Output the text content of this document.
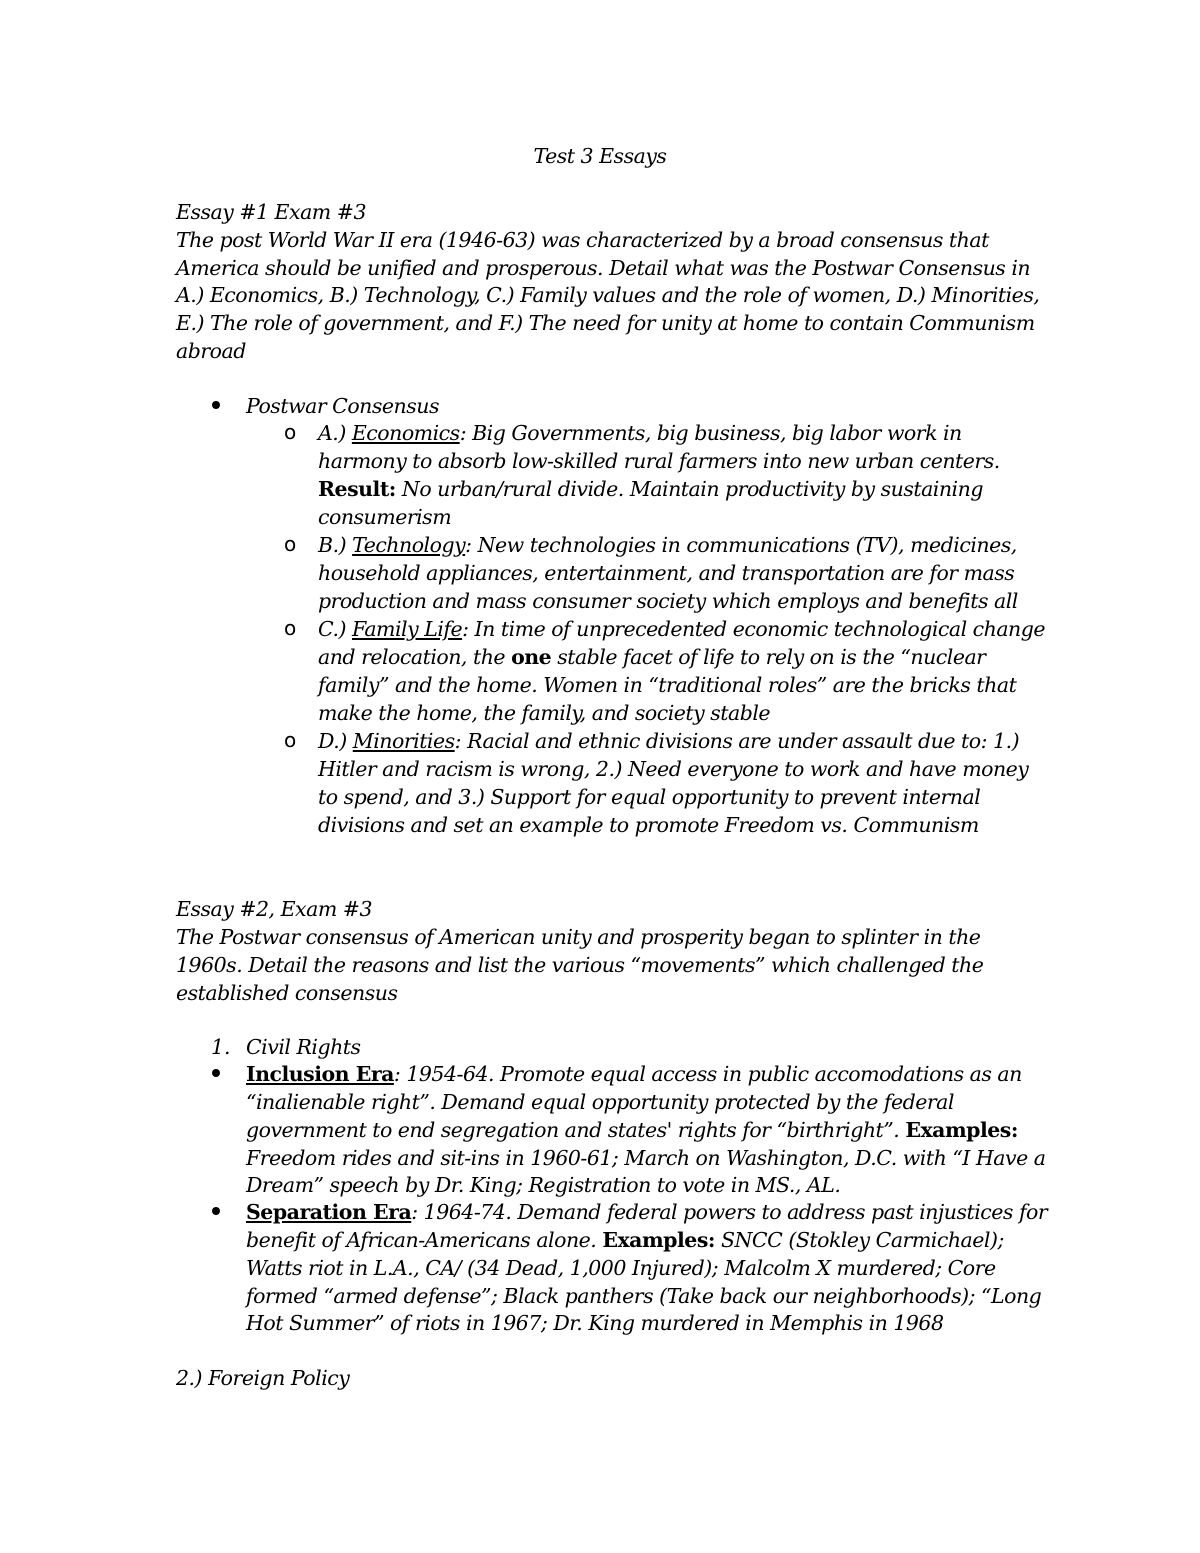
Test 3 Essays
Essay #1 Exam #3
The post World War II era (1946-63) was characterized by a broad consensus that
America should be unified and prosperous. Detail what was the Postwar Consensus in
A.) Economics, B.) Technology, C.) Family values and the role of women, D.) Minorities,
E.) The role of government, and F.) The need for unity at home to contain Communism
abroad
Postwar Consensus
o A.) Economics: Big Governments, big business, big labor work in
harmony to absorb low-skilled rural farmers into new urban centers.
Result: No urban/rural divide. Maintain productivity by sustaining
consumerism
o B.) Technology: New technologies in communications (TV), medicines,
household appliances, entertainment, and transportation are for mass
production and mass consumer society which employs and benefits all
o C.) Family Life: In time of unprecedented economic technological change
and relocation, the one stable facet of life to rely on is the “nuclear
family” and the home. Women in “traditional roles” are the bricks that
make the home, the family, and society stable
o D.) Minorities: Racial and ethnic divisions are under assault due to: 1.)
Hitler and racism is wrong, 2.) Need everyone to work and have money
to spend, and 3.) Support for equal opportunity to prevent internal
divisions and set an example to promote Freedom vs. Communism
Essay #2, Exam #3
The Postwar consensus of American unity and prosperity began to splinter in the
1960s. Detail the reasons and list the various “movements” which challenged the
established consensus
1. Civil Rights
Inclusion Era: 1954-64. Promote equal access in public accomodations as an
“inalienable right”. Demand equal opportunity protected by the federal
government to end segregation and states' rights for “birthright”. Examples:
Freedom rides and sit-ins in 1960-61; March on Washington, D.C. with “I Have a
Dream” speech by Dr. King; Registration to vote in MS., AL.
Separation Era: 1964-74. Demand federal powers to address past injustices for
benefit of African-Americans alone. Examples: SNCC (Stokley Carmichael);
Watts riot in L.A., CA/ (34 Dead, 1,000 Injured); Malcolm X murdered; Core
formed “armed defense”; Black panthers (Take back our neighborhoods); “Long
Hot Summer” of riots in 1967; Dr. King murdered in Memphis in 1968
2.) Foreign Policy
